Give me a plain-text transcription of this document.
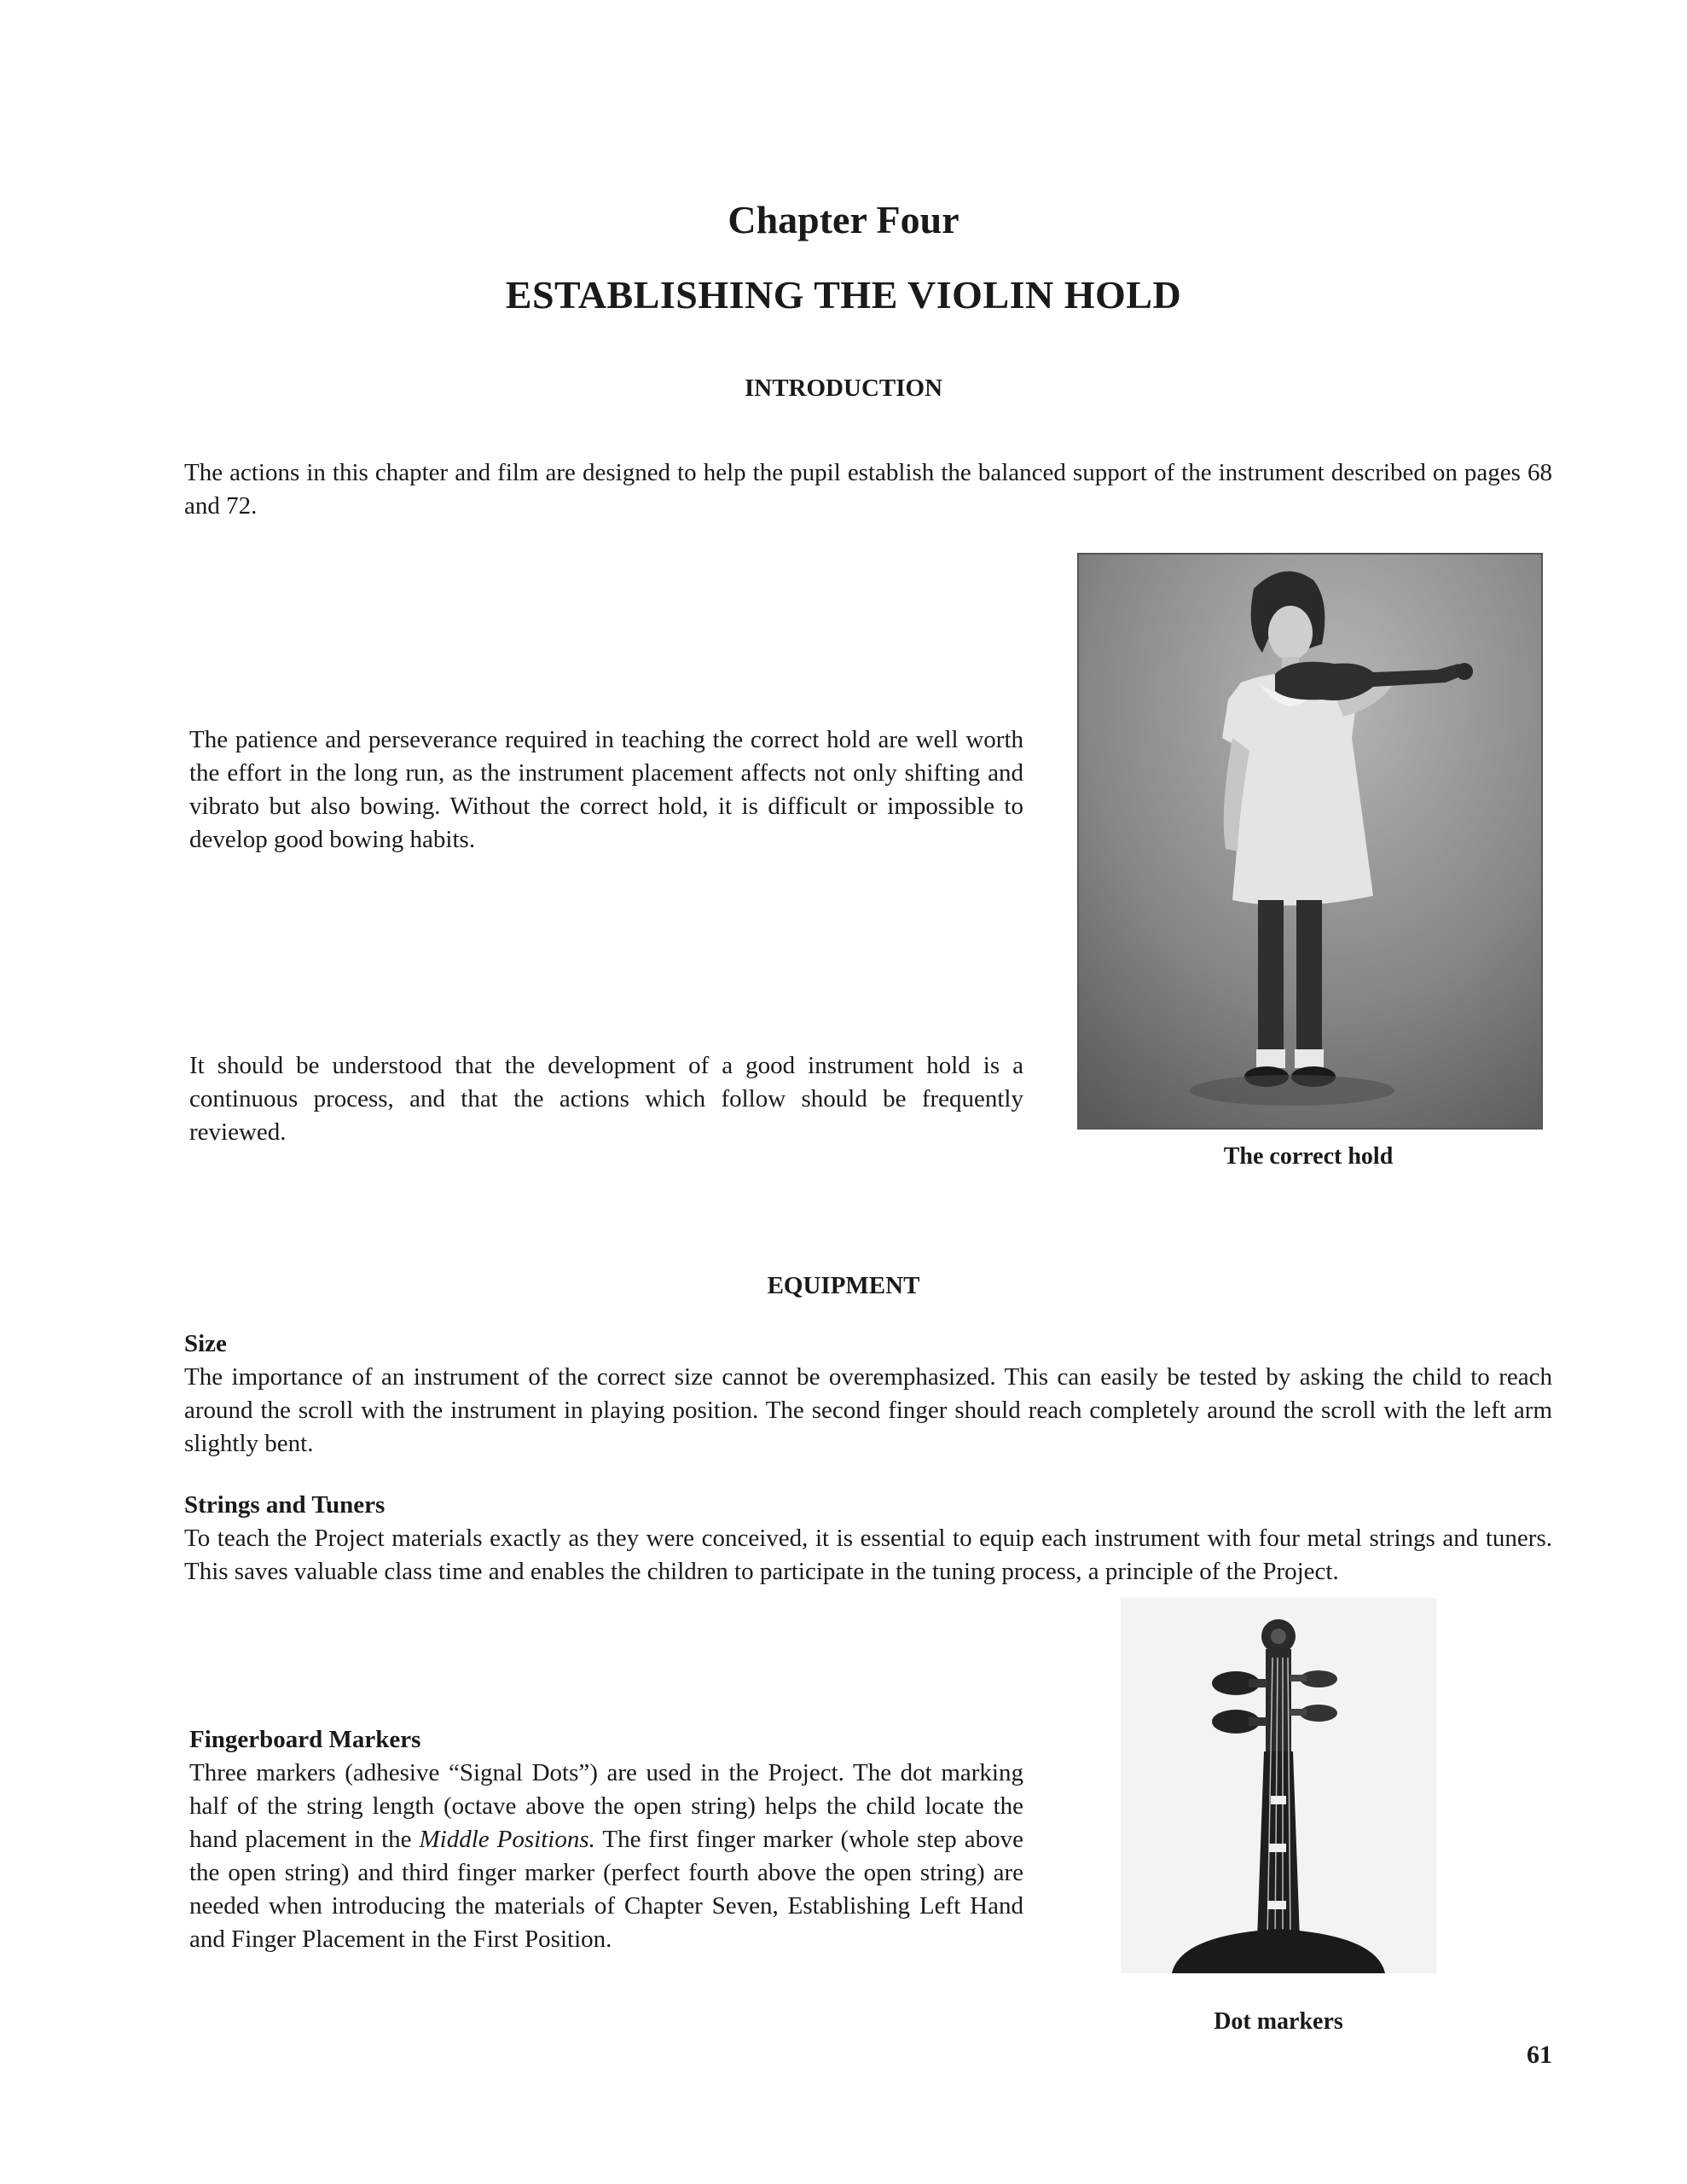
Chapter Four
ESTABLISHING THE VIOLIN HOLD
INTRODUCTION

The actions in this chapter and film are designed to help the pupil establish the balanced support of the instrument described on pages 68 and 72.

The patience and perseverance required in teaching the correct hold are well worth the effort in the long run, as the instrument placement affects not only shifting and vibrato but also bowing. Without the correct hold, it is difficult or impossible to develop good bowing habits.

It should be understood that the development of a good instrument hold is a continuous process, and that the actions which follow should be frequently reviewed.

The correct hold
EQUIPMENT
Size
The importance of an instrument of the correct size cannot be overemphasized. This can easily be tested by asking the child to reach around the scroll with the instrument in playing position. The second finger should reach completely around the scroll with the left arm slightly bent.
Strings and Tuners
To teach the Project materials exactly as they were conceived, it is essential to equip each instrument with four metal strings and tuners. This saves valuable class time and enables the children to participate in the tuning process, a principle of the Project.
Dot markers
Fingerboard Markers
Three markers (adhesive “Signal Dots”) are used in the Project. The dot marking half of the string length (octave above the open string) helps the child locate the hand placement in the Middle Positions. The first finger marker (whole step above the open string) and third finger marker (perfect fourth above the open string) are needed when introducing the materials of Chapter Seven, Establishing Left Hand and Finger Placement in the First Position.
61
